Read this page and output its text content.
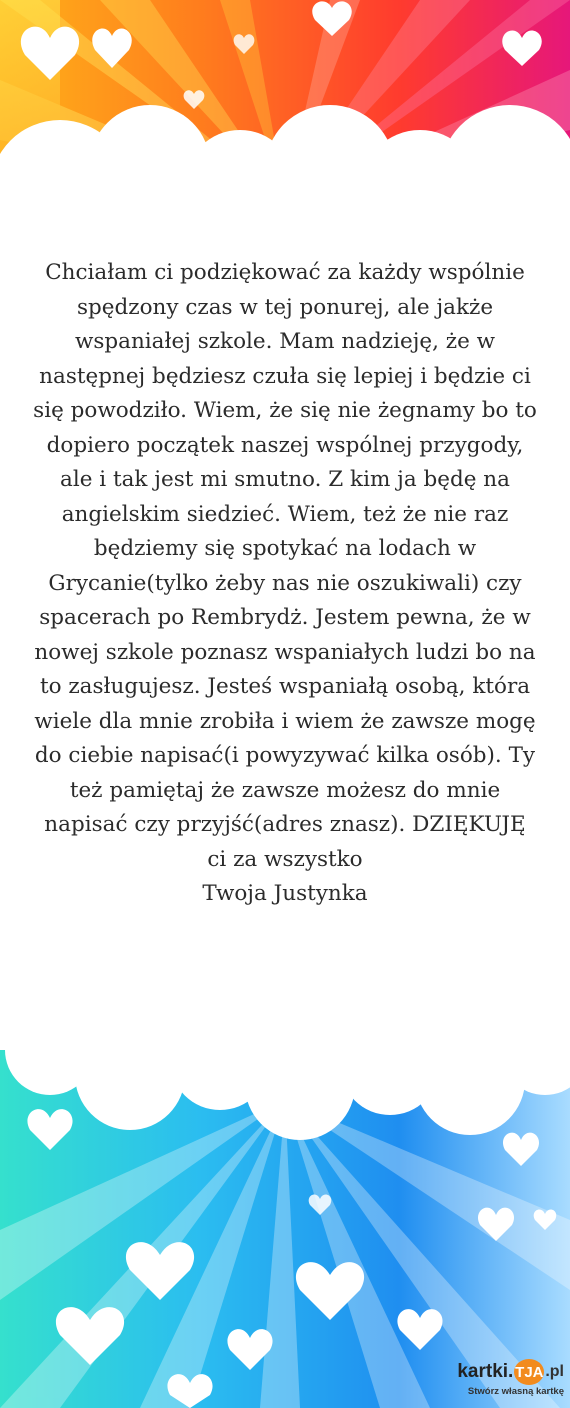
Chciałam ci podziękować za każdy wspólnie
spędzony czas w tej ponurej, ale jakże
wspaniałej szkole. Mam nadzieję, że w
następnej będziesz czuła się lepiej i będzie ci
się powodziło. Wiem, że się nie żegnamy bo to
dopiero początek naszej wspólnej przygody,
ale i tak jest mi smutno. Z kim ja będę na
angielskim siedzieć. Wiem, też że nie raz
będziemy się spotykać na lodach w
Grycanie(tylko żeby nas nie oszukiwali) czy
spacerach po Rembrydż. Jestem pewna, że w
nowej szkole poznasz wspaniałych ludzi bo na
to zasługujesz. Jesteś wspaniałą osobą, która
wiele dla mnie zrobiła i wiem że zawsze mogę
do ciebie napisać(i powyzywać kilka osób). Ty
też pamiętaj że zawsze możesz do mnie
napisać czy przyjść(adres znasz). DZIĘKUJĘ
ci za wszystko
Twoja Justynka

kartki. TJA .pl
Stwórz własną kartkę
